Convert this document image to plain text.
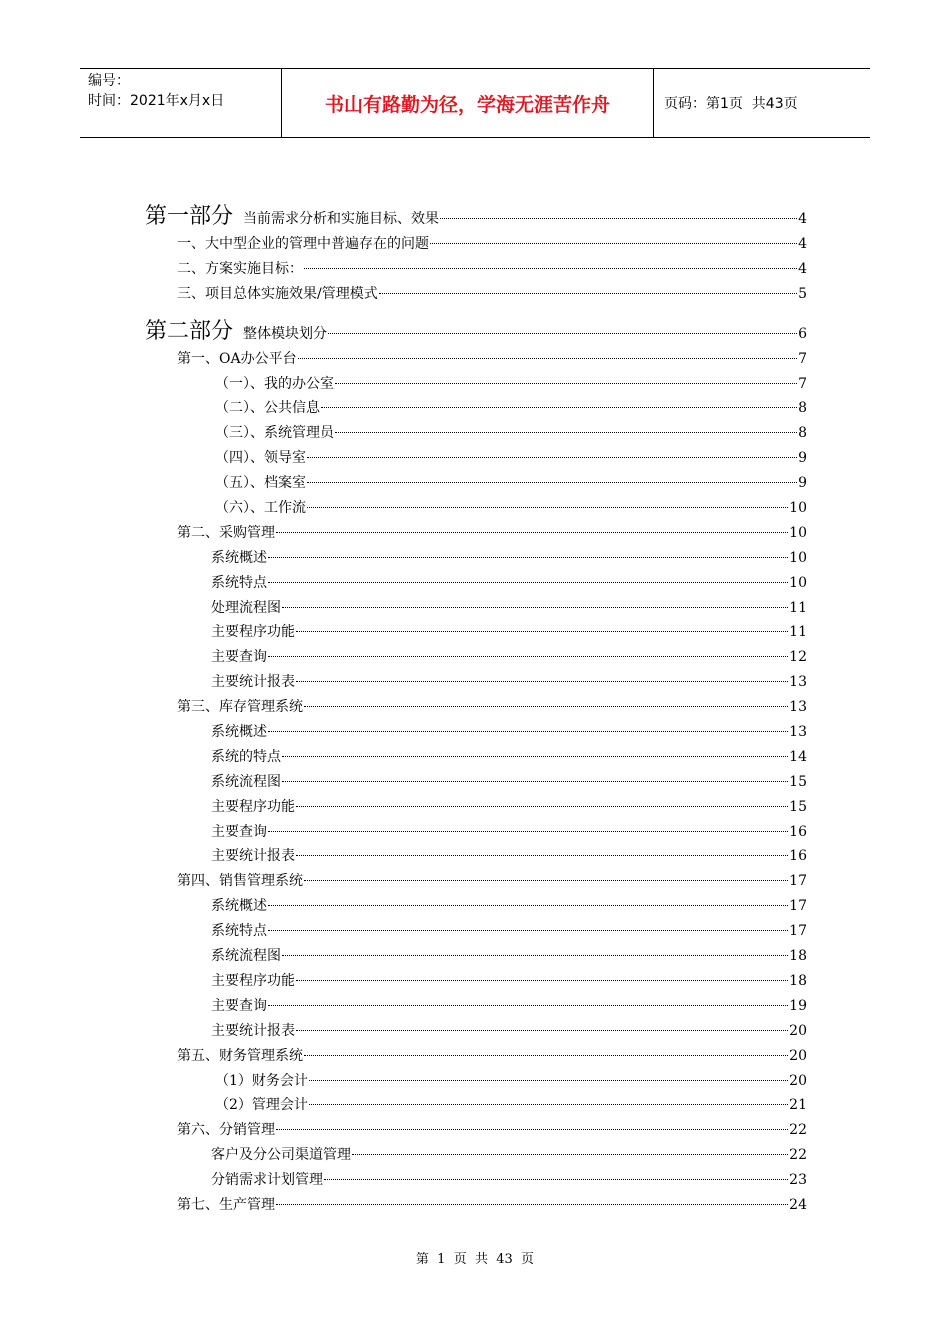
编号：
时间：2021年x月x日	书山有路勤为径，学海无涯苦作舟	页码：第1页  共43页
第一部分 当前需求分析和实施目标、效果	4
一、大中型企业的管理中普遍存在的问题	4
二、方案实施目标：	4
三、项目总体实施效果/管理模式	5
第二部分 整体模块划分	6
第一、OA办公平台	7
（一）、我的办公室	7
（二）、公共信息	8
（三）、系统管理员	8
（四）、领导室	9
（五）、档案室	9
（六）、工作流	10
第二、采购管理	10
系统概述	10
系统特点	10
处理流程图	11
主要程序功能	11
主要查询	12
主要统计报表	13
第三、库存管理系统	13
系统概述	13
系统的特点	14
系统流程图	15
主要程序功能	15
主要查询	16
主要统计报表	16
第四、销售管理系统	17
系统概述	17
系统特点	17
系统流程图	18
主要程序功能	18
主要查询	19
主要统计报表	20
第五、财务管理系统	20
（1）财务会计	20
（2）管理会计	21
第六、分销管理	22
客户及分公司渠道管理	22
分销需求计划管理	23
第七、生产管理	24
第  1  页  共  43  页
